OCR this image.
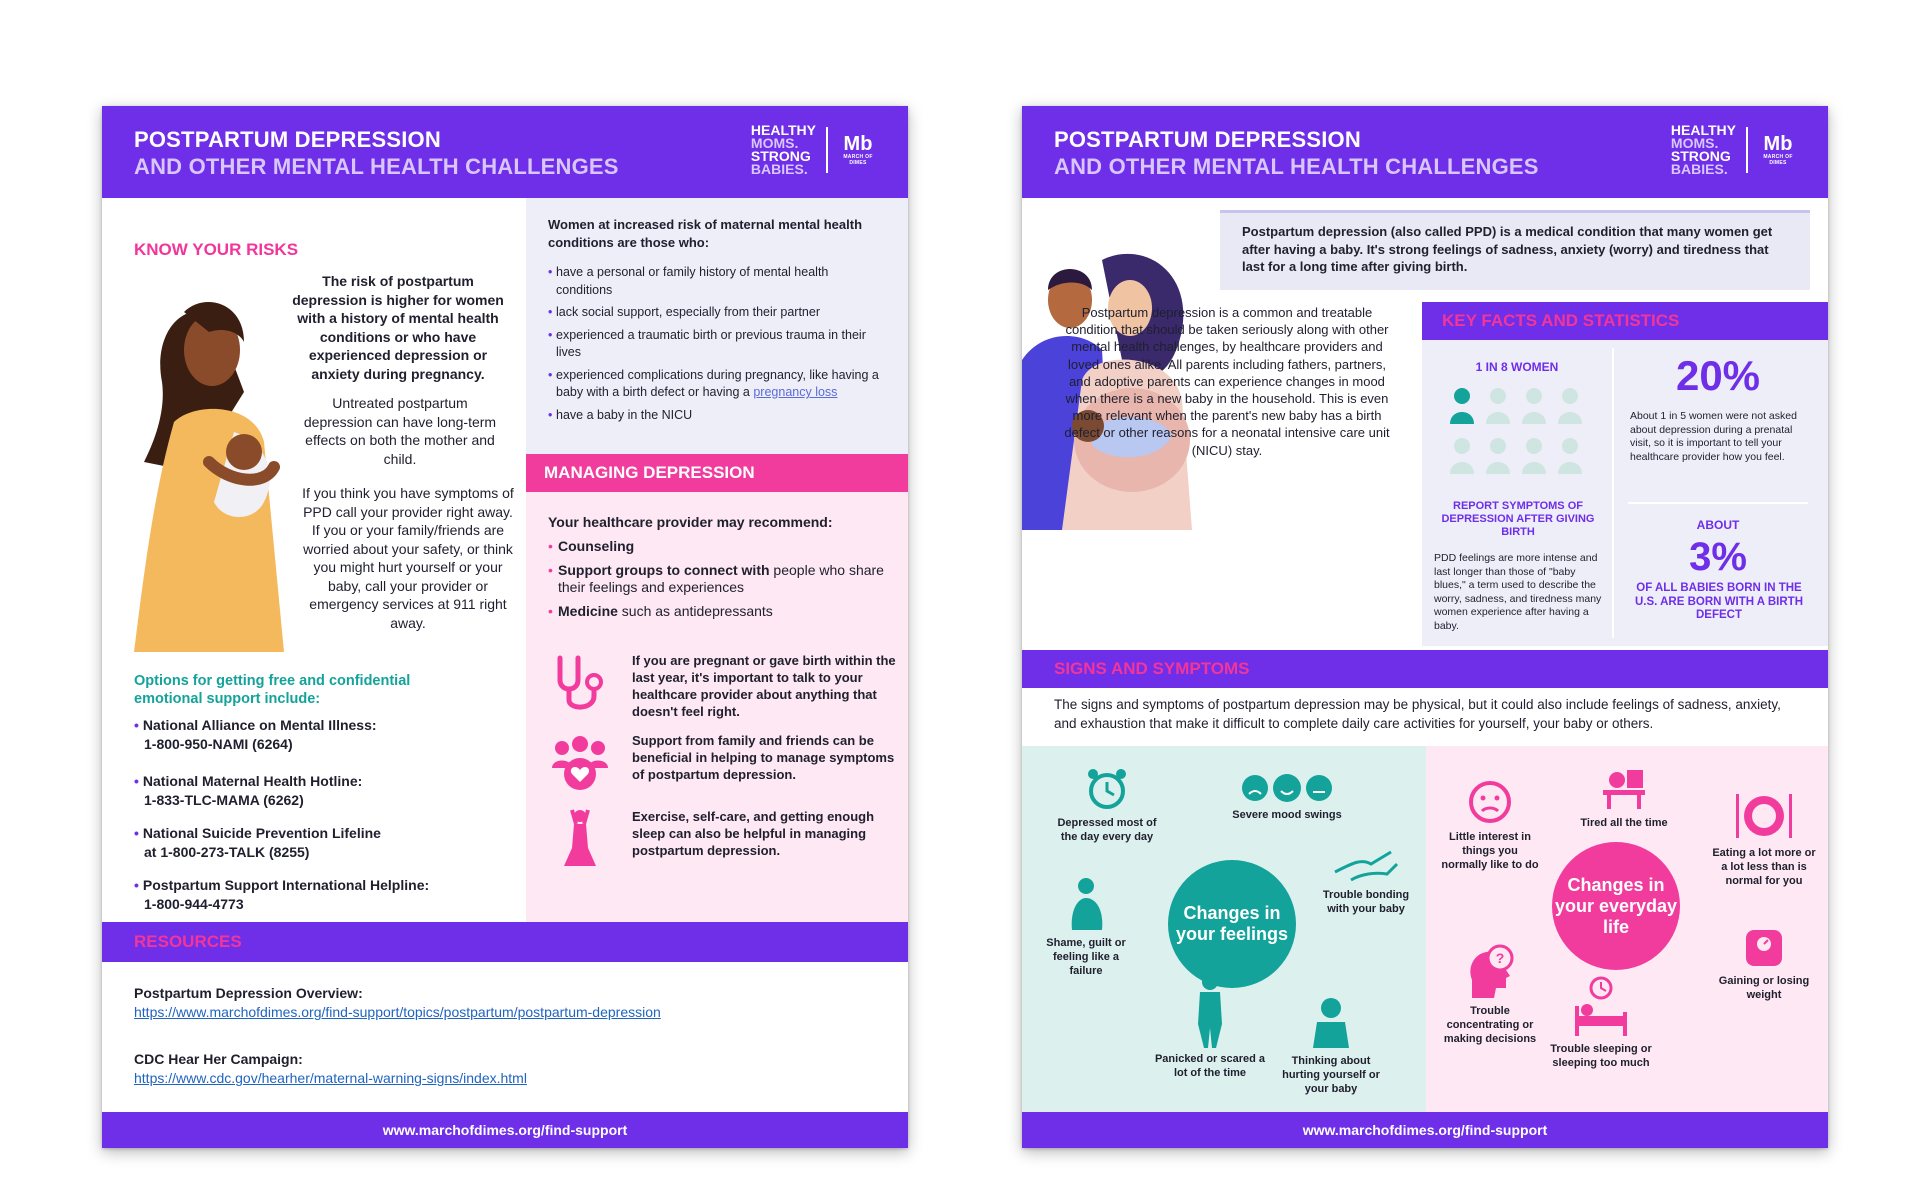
POSTPARTUM DEPRESSION
AND OTHER MENTAL HEALTH CHALLENGES
HEALTHY
MOMS.
STRONG
BABIES.
Mb
MARCH OF DIMES
KNOW YOUR RISKS
The risk of postpartum depression is higher for women with a history of mental health conditions or who have experienced depression or anxiety during pregnancy.
Untreated postpartum depression can have long-term effects on both the mother and child.
If you think you have symptoms of PPD call your provider right away. If you or your family/friends are worried about your safety, or think you might hurt yourself or your baby, call your provider or emergency services at 911 right away.
Options for getting free and confidential emotional support include:
• National Alliance on Mental Illness:
1-800-950-NAMI (6264)
• National Maternal Health Hotline:
1-833-TLC-MAMA (6262)
• National Suicide Prevention Lifeline
at 1-800-273-TALK (8255)
• Postpartum Support International Helpline:
1-800-944-4773
Women at increased risk of maternal mental health conditions are those who:
• have a personal or family history of mental health conditions
• lack social support, especially from their partner
• experienced a traumatic birth or previous trauma in their lives
• experienced complications during pregnancy, like having a baby with a birth defect or having a pregnancy loss
• have a baby in the NICU
MANAGING DEPRESSION
Your healthcare provider may recommend:
• Counseling
• Support groups to connect with people who share their feelings and experiences
• Medicine such as antidepressants
If you are pregnant or gave birth within the last year, it's important to talk to your healthcare provider about anything that doesn't feel right.
Support from family and friends can be beneficial in helping to manage symptoms of postpartum depression.
Exercise, self-care, and getting enough sleep can also be helpful in managing postpartum depression.
RESOURCES
Postpartum Depression Overview:
https://www.marchofdimes.org/find-support/topics/postpartum/postpartum-depression
CDC Hear Her Campaign:
https://www.cdc.gov/hearher/maternal-warning-signs/index.html
www.marchofdimes.org/find-support
POSTPARTUM DEPRESSION
AND OTHER MENTAL HEALTH CHALLENGES
HEALTHY
MOMS.
STRONG
BABIES.
Mb
MARCH OF DIMES
Postpartum depression (also called PPD) is a medical condition that many women get after having a baby. It's strong feelings of sadness, anxiety (worry) and tiredness that last for a long time after giving birth.
Postpartum depression is a common and treatable condition that should be taken seriously along with other mental health challenges, by healthcare providers and loved ones alike. All parents including fathers, partners, and adoptive parents can experience changes in mood when there is a new baby in the household. This is even more relevant when the parent's new baby has a birth defect or other reasons for a neonatal intensive care unit (NICU) stay.
KEY FACTS AND STATISTICS
1 IN 8 WOMEN
REPORT SYMPTOMS OF DEPRESSION AFTER GIVING BIRTH
PDD feelings are more intense and last longer than those of "baby blues," a term used to describe the worry, sadness, and tiredness many women experience after having a baby.
20%
About 1 in 5 women were not asked about depression during a prenatal visit, so it is important to tell your healthcare provider how you feel.
ABOUT
3%
OF ALL BABIES BORN IN THE U.S. ARE BORN WITH A BIRTH DEFECT
SIGNS AND SYMPTOMS
The signs and symptoms of postpartum depression may be physical, but it could also include feelings of sadness, anxiety, and exhaustion that make it difficult to complete daily care activities for yourself, your baby or others.
Changes in your feelings
Depressed most of the day every day
Severe mood swings
Trouble bonding with your baby
Shame, guilt or feeling like a failure
Panicked or scared a lot of the time
Thinking about hurting yourself or your baby
Changes in your everyday life
Little interest in things you normally like to do
Tired all the time
Eating a lot more or a lot less than is normal for you
?
Trouble concentrating or making decisions
Trouble sleeping or sleeping too much
Gaining or losing weight
www.marchofdimes.org/find-support
